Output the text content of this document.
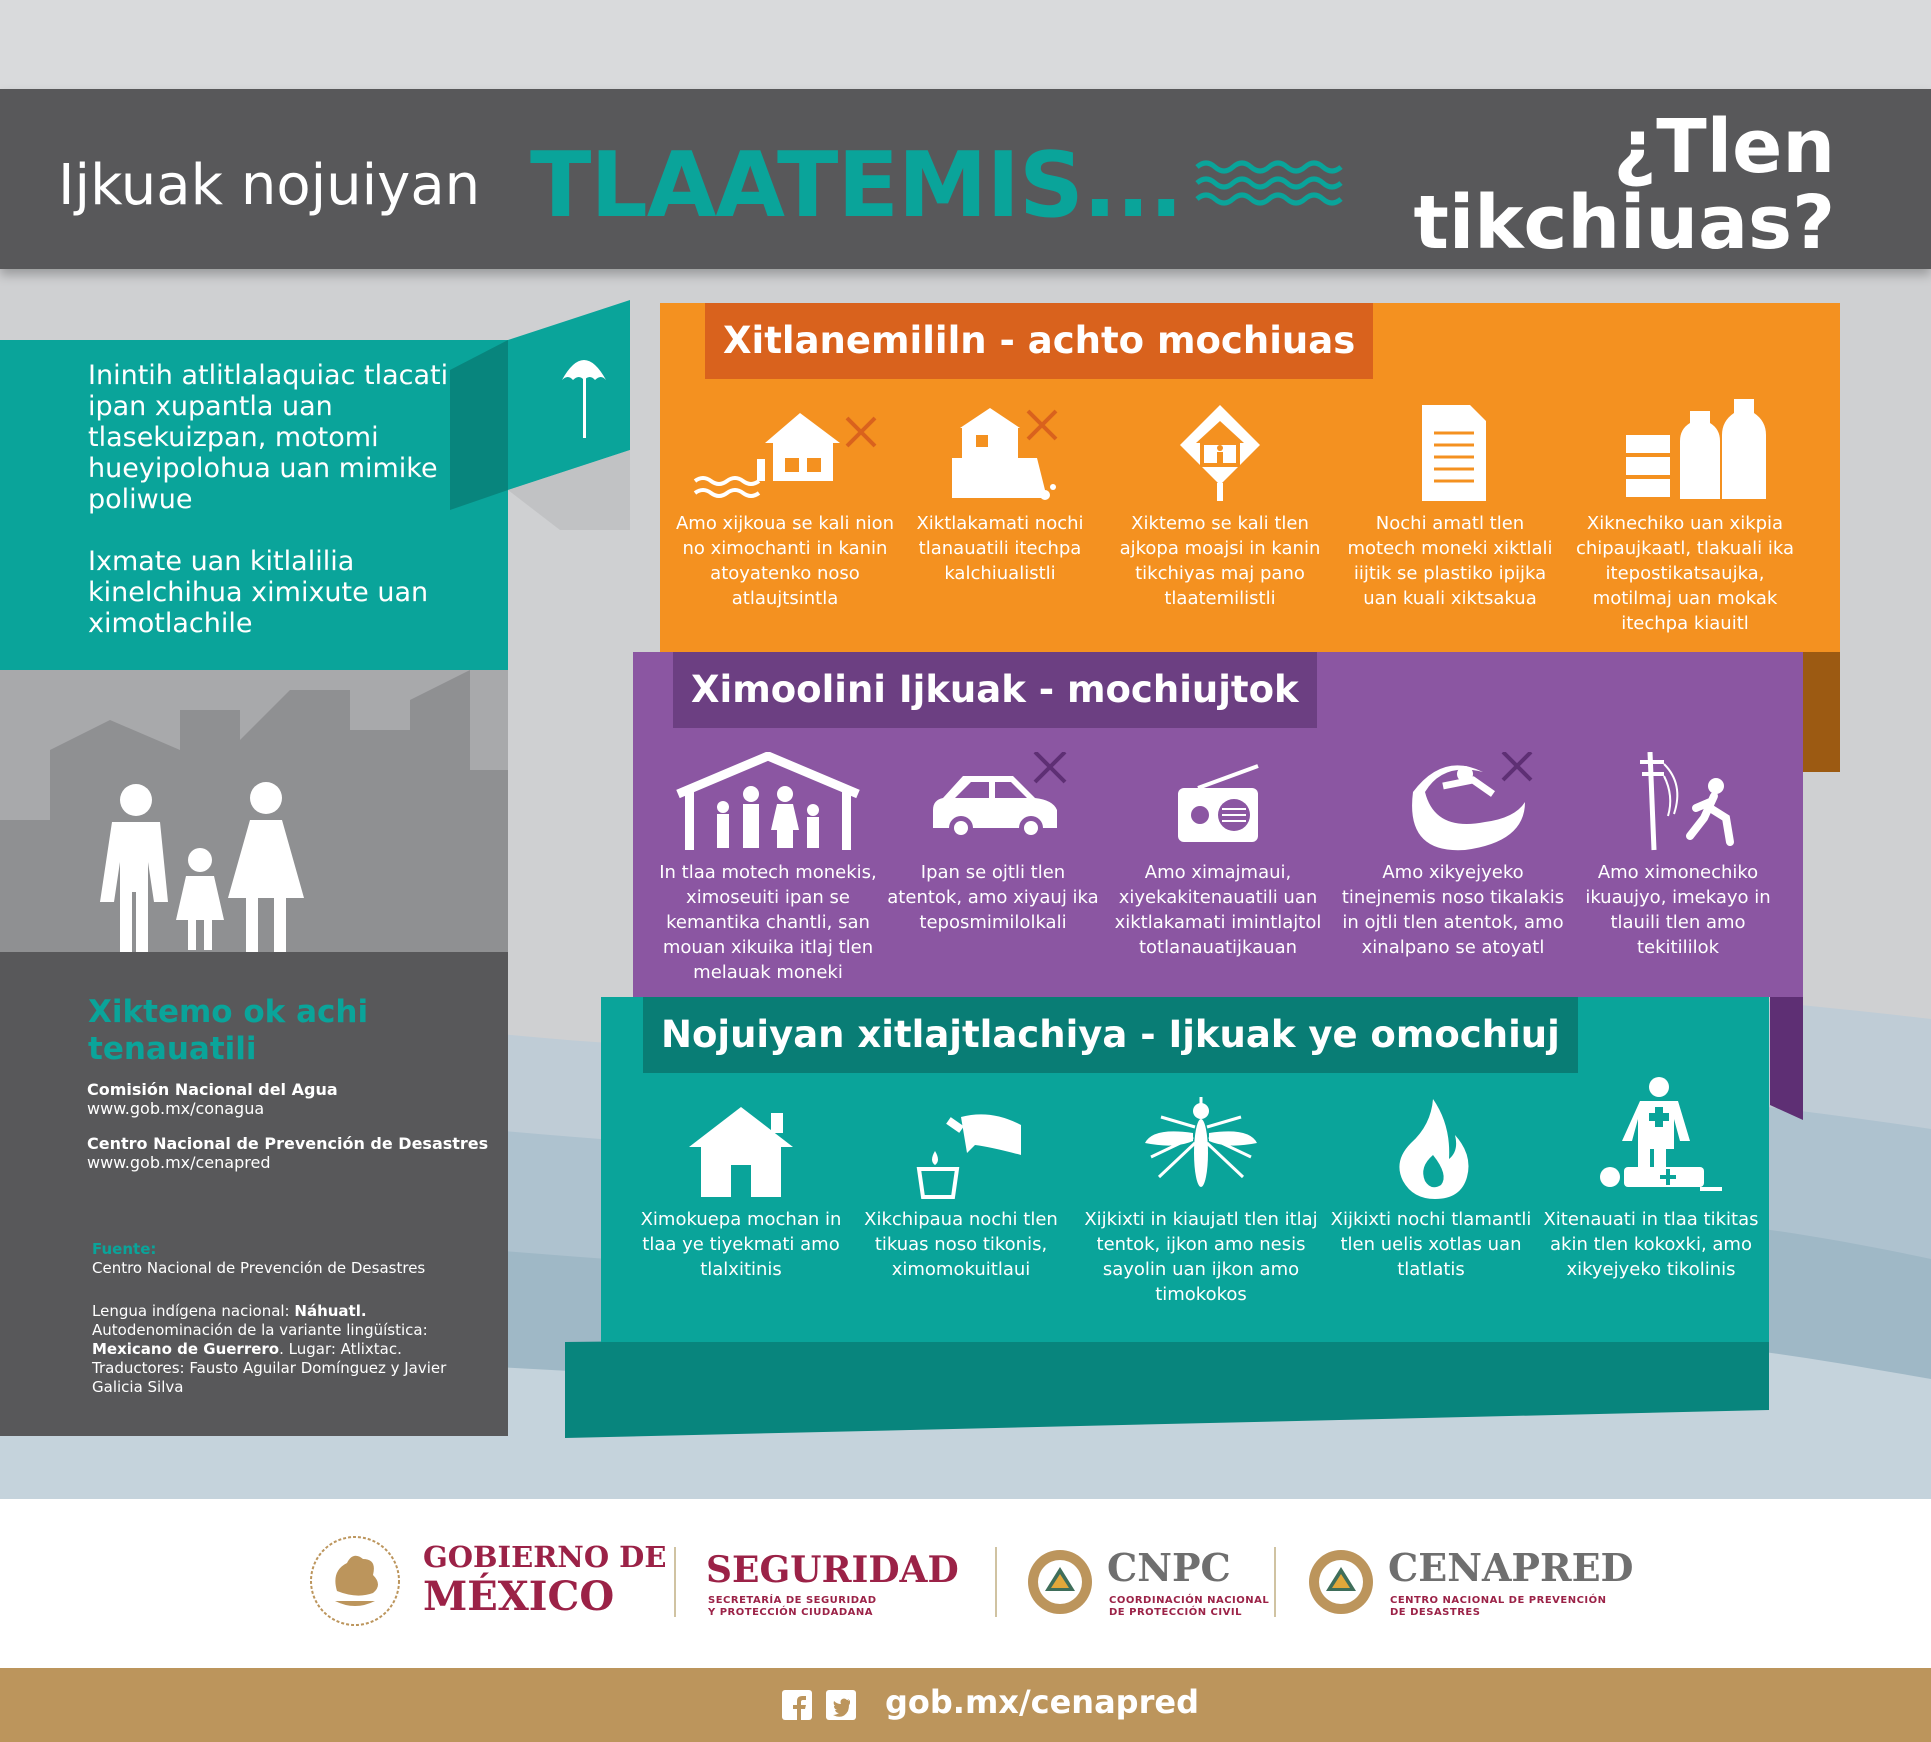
Ijkuak nojuiyan TLAATEMIS...	¿Tlen
tikchiuas?
Inintih atlitlalaquiac tlacati ipan xupantla uan tlasekuizpan, motomi hueyipolohua uan mimike poliwue
Ixmate uan kitlalilia kinelchihua ximixute uan ximotlachile
Xiktemo ok achi tenauatili
Comisión Nacional del Agua
www.gob.mx/conagua
Centro Nacional de Prevención de Desastres
www.gob.mx/cenapred
Fuente:
Centro Nacional de Prevención de Desastres
Lengua indígena nacional: Náhuatl.
Autodenominación de la variante lingüística:
Mexicano de Guerrero. Lugar: Atlixtac.
Traductores: Fausto Aguilar Domínguez y Javier Galicia Silva
Xitlanemililn - achto mochiuas
Amo xijkoua se kali nion no ximochanti in kanin atoyatenko noso atlaujtsintla
Xiktlakamati nochi tlanauatili itechpa kalchiualistli
Xiktemo se kali tlen ajkopa moajsi in kanin tikchiyas maj pano tlaatemilistli
Nochi amatl tlen motech moneki xiktlali iijtik se plastiko ipijka uan kuali xiktsakua
Xiknechiko uan xikpia chipaujkaatl, tlakuali ika itepostikatsaujka, motilmaj uan mokak itechpa kiauitl
Ximoolini Ijkuak - mochiujtok
In tlaa motech monekis, ximoseuiti ipan se kemantika chantli, san mouan xikuika itlaj tlen melauak moneki
Ipan se ojtli tlen atentok, amo xiyauj ika teposmimilolkali
Amo ximajmaui, xiyekakitenauatili uan xiktlakamati imintlajtol totlanauatijkauan
Amo xikyejyeko tinejnemis noso tikalakis in ojtli tlen atentok, amo xinalpano se atoyatl
Amo ximonechiko ikuaujyo, imekayo in tlauili tlen amo tekitililok
Nojuiyan xitlajtlachiya - Ijkuak ye omochiuj
Ximokuepa mochan in tlaa ye tiyekmati amo tlalxitinis
Xikchipaua nochi tlen tikuas noso tikonis, ximomokuitlaui
Xijkixti in kiaujatl tlen itlaj tentok, ijkon amo nesis sayolin uan ijkon amo timokokos
Xijkixti nochi tlamantli tlen uelis xotlas uan tlatlatis
Xitenauati in tlaa tikitas akin tlen kokoxki, amo xikyejyeko tikolinis
GOBIERNO DE
MÉXICO
SEGURIDAD
SECRETARÍA DE SEGURIDAD
Y PROTECCIÓN CIUDADANA
CNPC
COORDINACIÓN NACIONAL
DE PROTECCIÓN CIVIL
CENAPRED
CENTRO NACIONAL DE PREVENCIÓN
DE DESASTRES
gob.mx/cenapred
